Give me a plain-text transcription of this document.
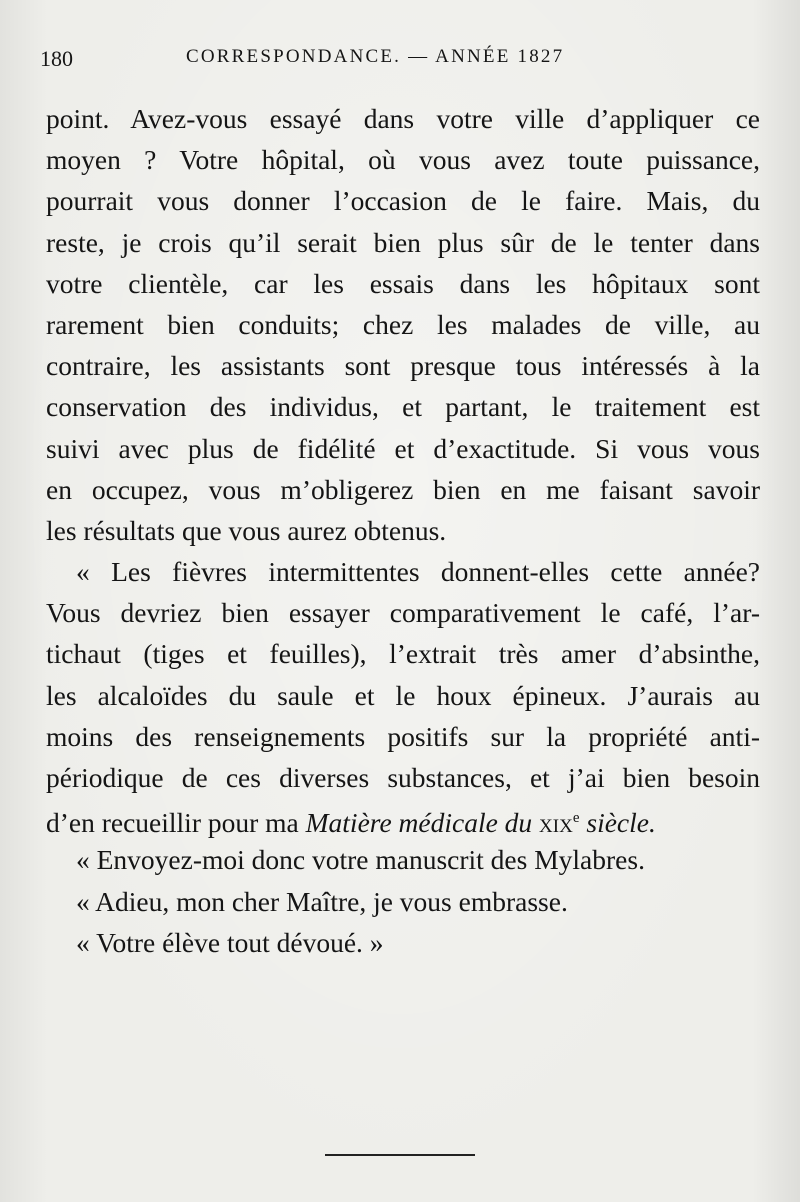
180	CORRESPONDANCE. — ANNÉE 1827
point. Avez-vous essayé dans votre ville d’appliquer ce
moyen ? Votre hôpital, où vous avez toute puissance,
pourrait vous donner l’occasion de le faire. Mais, du
reste, je crois qu’il serait bien plus sûr de le tenter dans
votre clientèle, car les essais dans les hôpitaux sont
rarement bien conduits; chez les malades de ville, au
contraire, les assistants sont presque tous intéressés à la
conservation des individus, et partant, le traitement est
suivi avec plus de fidélité et d’exactitude. Si vous vous
en occupez, vous m’obligerez bien en me faisant savoir
les résultats que vous aurez obtenus.
« Les fièvres intermittentes donnent-elles cette année?
Vous devriez bien essayer comparativement le café, l’ar-
tichaut (tiges et feuilles), l’extrait très amer d’absinthe,
les alcaloïdes du saule et le houx épineux. J’aurais au
moins des renseignements positifs sur la propriété anti-
périodique de ces diverses substances, et j’ai bien besoin
d’en recueillir pour ma Matière médicale du xix$^e$ siècle.
« Envoyez-moi donc votre manuscrit des Mylabres.
« Adieu, mon cher Maître, je vous embrasse.
« Votre élève tout dévoué. »
